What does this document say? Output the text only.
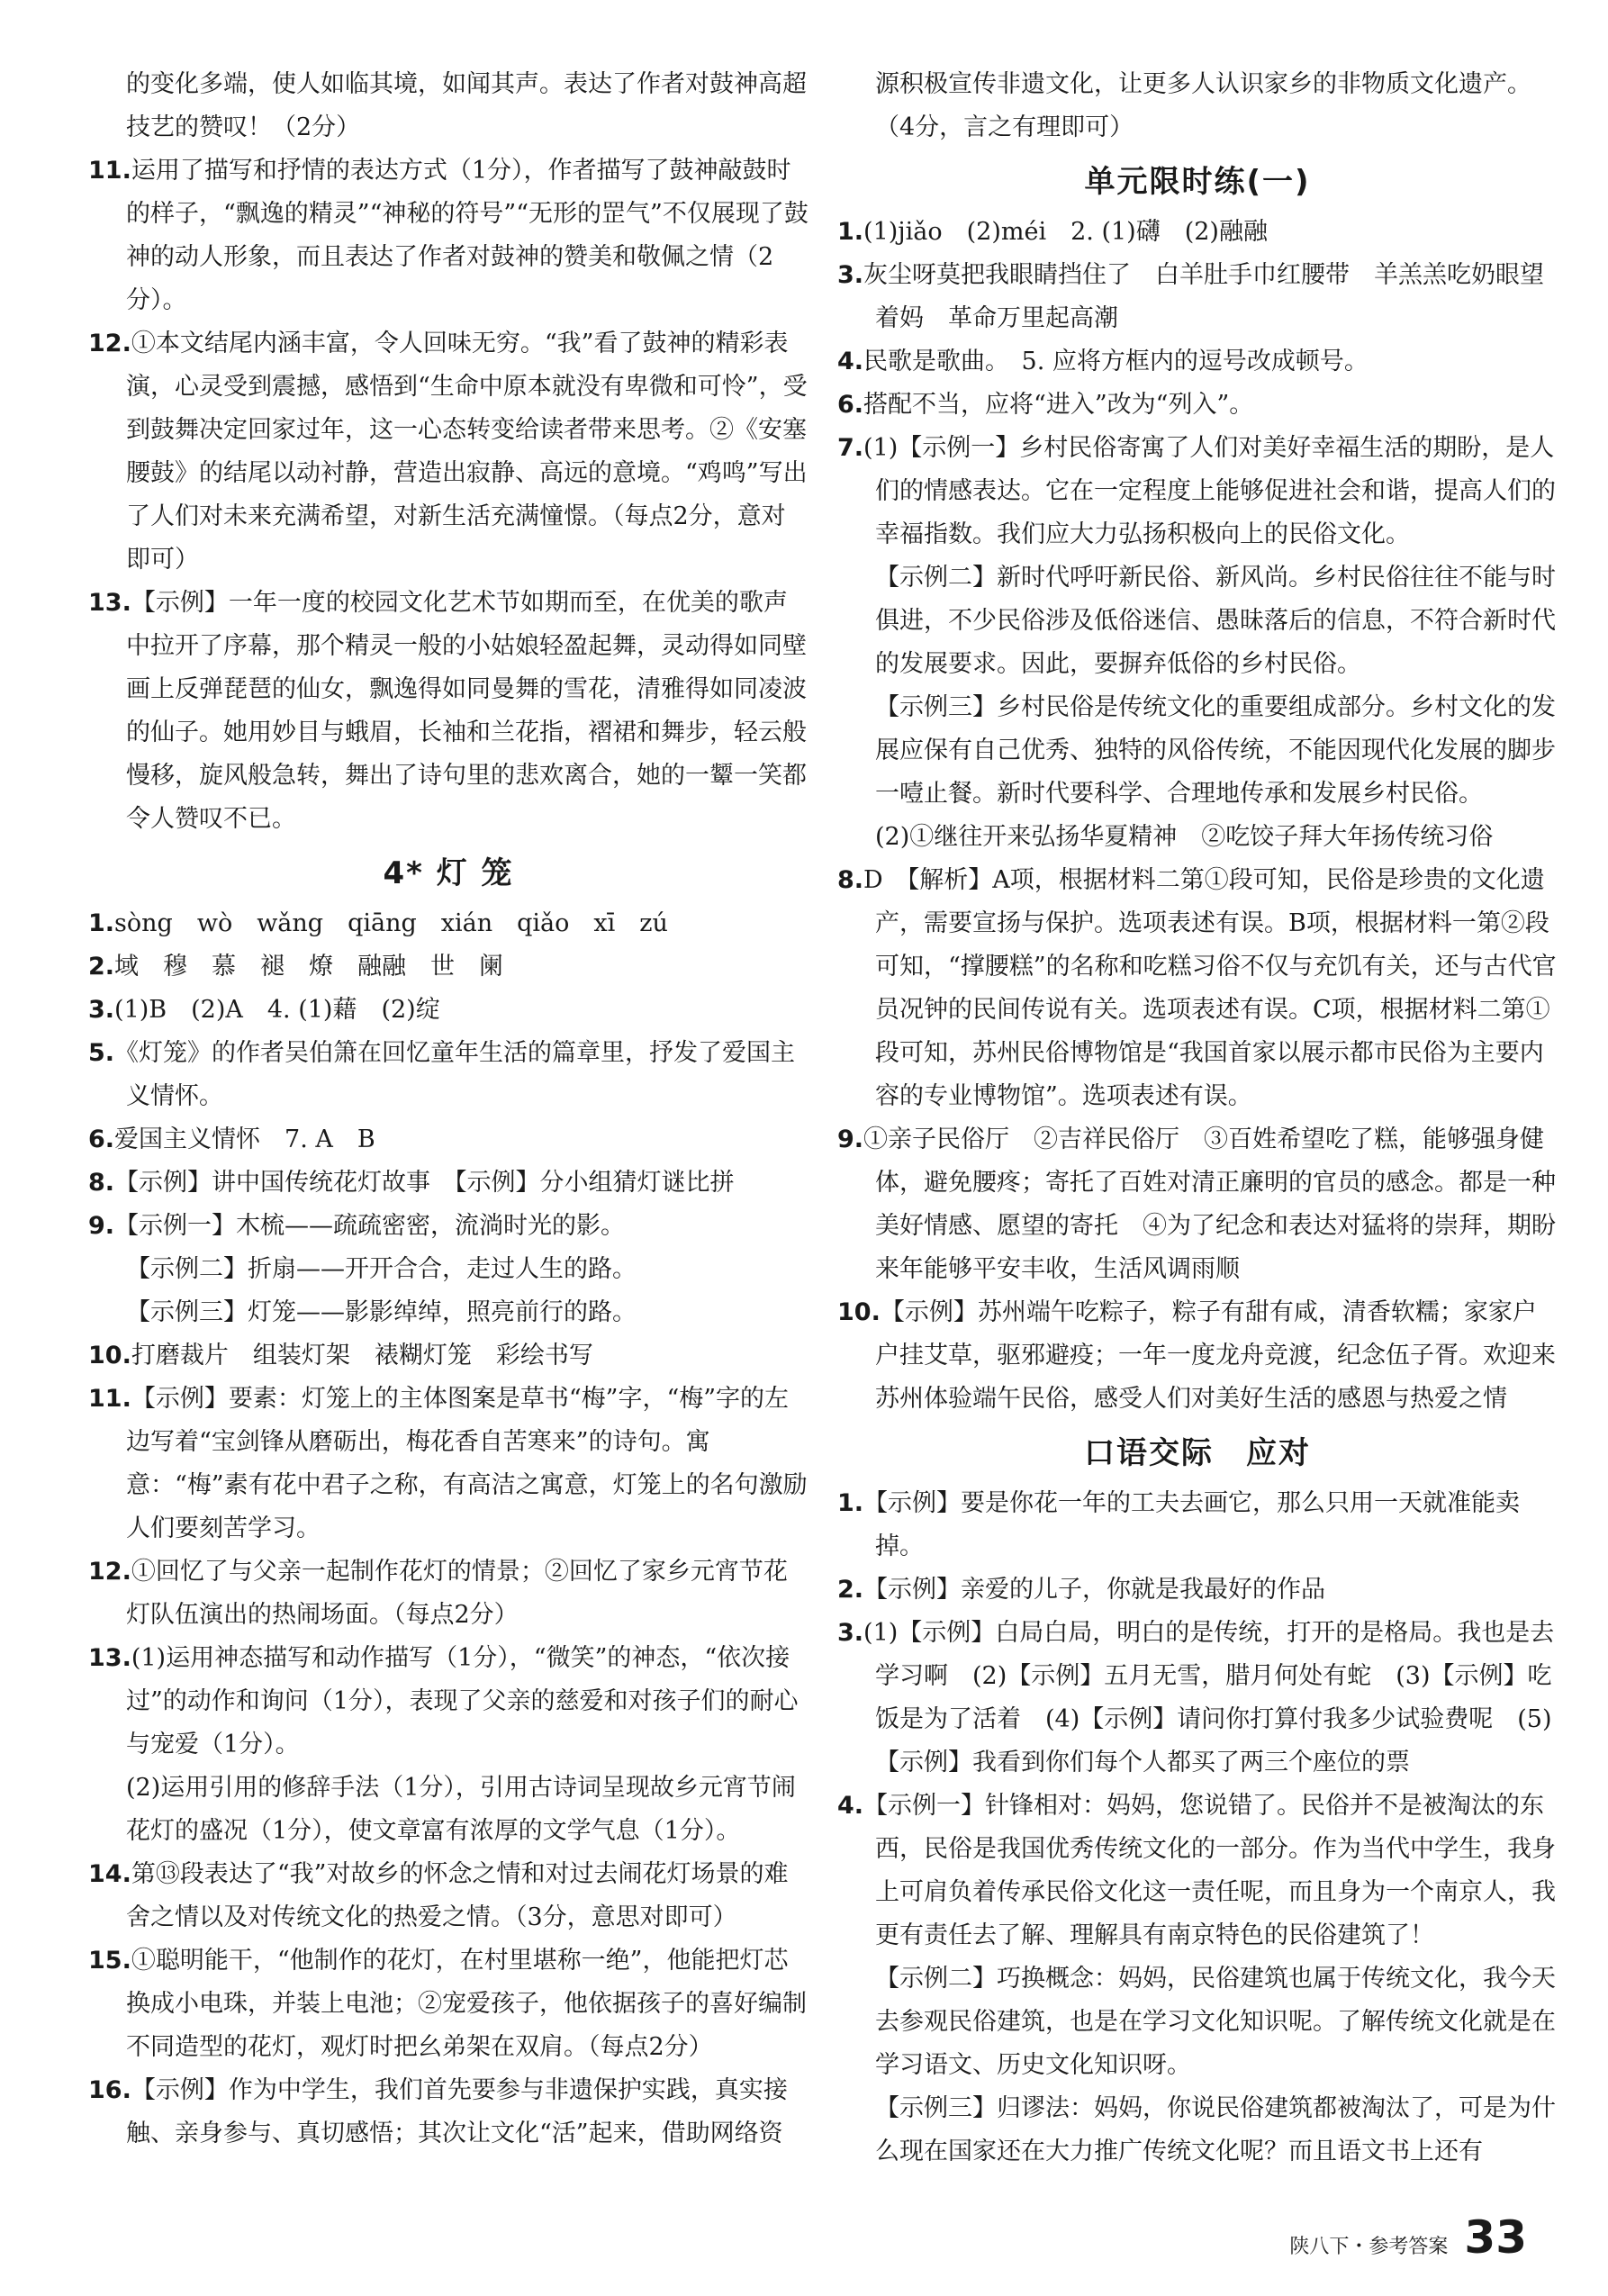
的变化多端，使人如临其境，如闻其声。表达了作者对鼓神高超技艺的赞叹！（2分）

11.运用了描写和抒情的表达方式（1分），作者描写了鼓神敲鼓时的样子，“飘逸的精灵”“神秘的符号”“无形的罡气”不仅展现了鼓神的动人形象，而且表达了作者对鼓神的赞美和敬佩之情（2分）。

12.①本文结尾内涵丰富，令人回味无穷。“我”看了鼓神的精彩表演，心灵受到震撼，感悟到“生命中原本就没有卑微和可怜”，受到鼓舞决定回家过年，这一心态转变给读者带来思考。②《安塞腰鼓》的结尾以动衬静，营造出寂静、高远的意境。“鸡鸣”写出了人们对未来充满希望，对新生活充满憧憬。（每点2分，意对即可）

13.【示例】一年一度的校园文化艺术节如期而至，在优美的歌声中拉开了序幕，那个精灵一般的小姑娘轻盈起舞，灵动得如同壁画上反弹琵琶的仙女，飘逸得如同曼舞的雪花，清雅得如同凌波的仙子。她用妙目与蛾眉，长袖和兰花指，褶裙和舞步，轻云般慢移，旋风般急转，舞出了诗句里的悲欢离合，她的一颦一笑都令人赞叹不已。

4* 灯 笼

1.sòng　wò　wǎng　qiāng　xián　qiǎo　xī　zú

2.域　穆　慕　褪　燎　融融　世　阑

3.(1)B　(2)A　4. (1)藉　(2)绽

5.《灯笼》的作者吴伯箫在回忆童年生活的篇章里，抒发了爱国主义情怀。

6.爱国主义情怀　7. A　B

8.【示例】讲中国传统花灯故事　【示例】分小组猜灯谜比拼

9.【示例一】木梳——疏疏密密，流淌时光的影。

【示例二】折扇——开开合合，走过人生的路。

【示例三】灯笼——影影绰绰，照亮前行的路。

10.打磨裁片　组装灯架　裱糊灯笼　彩绘书写

11.【示例】要素：灯笼上的主体图案是草书“梅”字，“梅”字的左边写着“宝剑锋从磨砺出，梅花香自苦寒来”的诗句。寓意：“梅”素有花中君子之称，有高洁之寓意，灯笼上的名句激励人们要刻苦学习。

12.①回忆了与父亲一起制作花灯的情景；②回忆了家乡元宵节花灯队伍演出的热闹场面。（每点2分）

13.(1)运用神态描写和动作描写（1分），“微笑”的神态，“依次接过”的动作和询问（1分），表现了父亲的慈爱和对孩子们的耐心与宠爱（1分）。

(2)运用引用的修辞手法（1分），引用古诗词呈现故乡元宵节闹花灯的盛况（1分），使文章富有浓厚的文学气息（1分）。

14.第⑬段表达了“我”对故乡的怀念之情和对过去闹花灯场景的难舍之情以及对传统文化的热爱之情。（3分，意思对即可）

15.①聪明能干，“他制作的花灯，在村里堪称一绝”，他能把灯芯换成小电珠，并装上电池；②宠爱孩子，他依据孩子的喜好编制不同造型的花灯，观灯时把幺弟架在双肩。（每点2分）

16.【示例】作为中学生，我们首先要参与非遗保护实践，真实接触、亲身参与、真切感悟；其次让文化“活”起来，借助网络资

源积极宣传非遗文化，让更多人认识家乡的非物质文化遗产。（4分，言之有理即可）

单元限时练(一)

1.(1)jiǎo　(2)méi　2. (1)礴　(2)融融

3.灰尘呀莫把我眼睛挡住了　白羊肚手巾红腰带　羊羔羔吃奶眼望着妈　革命万里起高潮

4.民歌是歌曲。　5. 应将方框内的逗号改成顿号。

6.搭配不当，应将“进入”改为“列入”。

7.(1)【示例一】乡村民俗寄寓了人们对美好幸福生活的期盼，是人们的情感表达。它在一定程度上能够促进社会和谐，提高人们的幸福指数。我们应大力弘扬积极向上的民俗文化。

【示例二】新时代呼吁新民俗、新风尚。乡村民俗往往不能与时俱进，不少民俗涉及低俗迷信、愚昧落后的信息，不符合新时代的发展要求。因此，要摒弃低俗的乡村民俗。

【示例三】乡村民俗是传统文化的重要组成部分。乡村文化的发展应保有自己优秀、独特的风俗传统，不能因现代化发展的脚步一噎止餐。新时代要科学、合理地传承和发展乡村民俗。

(2)①继往开来弘扬华夏精神　②吃饺子拜大年扬传统习俗

8.D　【解析】A项，根据材料二第①段可知，民俗是珍贵的文化遗产，需要宣扬与保护。选项表述有误。B项，根据材料一第②段可知，“撑腰糕”的名称和吃糕习俗不仅与充饥有关，还与古代官员况钟的民间传说有关。选项表述有误。C项，根据材料二第①段可知，苏州民俗博物馆是“我国首家以展示都市民俗为主要内容的专业博物馆”。选项表述有误。

9.①亲子民俗厅　②吉祥民俗厅　③百姓希望吃了糕，能够强身健体，避免腰疼；寄托了百姓对清正廉明的官员的感念。都是一种美好情感、愿望的寄托　④为了纪念和表达对猛将的崇拜，期盼来年能够平安丰收，生活风调雨顺

10.【示例】苏州端午吃粽子，粽子有甜有咸，清香软糯；家家户户挂艾草，驱邪避疫；一年一度龙舟竞渡，纪念伍子胥。欢迎来苏州体验端午民俗，感受人们对美好生活的感恩与热爱之情

口语交际　应对

1.【示例】要是你花一年的工夫去画它，那么只用一天就准能卖掉。

2.【示例】亲爱的儿子，你就是我最好的作品

3.(1)【示例】白局白局，明白的是传统，打开的是格局。我也是去学习啊　(2)【示例】五月无雪，腊月何处有蛇　(3)【示例】吃饭是为了活着　(4)【示例】请问你打算付我多少试验费呢　(5)【示例】我看到你们每个人都买了两三个座位的票

4.【示例一】针锋相对：妈妈，您说错了。民俗并不是被淘汰的东西，民俗是我国优秀传统文化的一部分。作为当代中学生，我身上可肩负着传承民俗文化这一责任呢，而且身为一个南京人，我更有责任去了解、理解具有南京特色的民俗建筑了！

【示例二】巧换概念：妈妈，民俗建筑也属于传统文化，我今天去参观民俗建筑，也是在学习文化知识呢。了解传统文化就是在学习语文、历史文化知识呀。

【示例三】归谬法：妈妈，你说民俗建筑都被淘汰了，可是为什么现在国家还在大力推广传统文化呢？而且语文书上还有

陕八下・参考答案 33
